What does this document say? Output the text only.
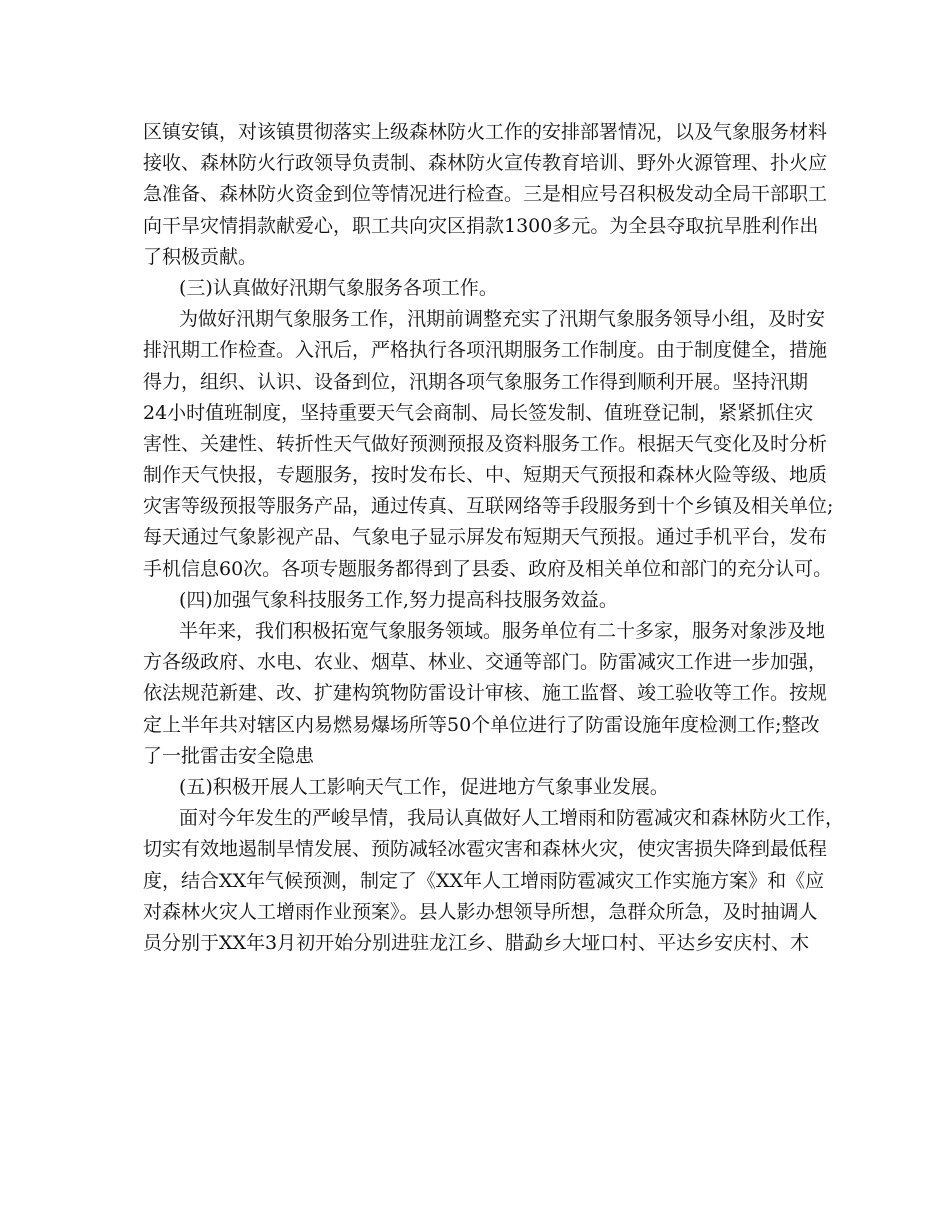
区镇安镇，对该镇贯彻落实上级森林防火工作的安排部署情况，以及气象服务材料
接收、森林防火行政领导负责制、森林防火宣传教育培训、野外火源管理、扑火应
急准备、森林防火资金到位等情况进行检查。三是相应号召积极发动全局干部职工
向干旱灾情捐款献爱心，职工共向灾区捐款1300多元。为全县夺取抗旱胜利作出
了积极贡献。
(三)认真做好汛期气象服务各项工作。
为做好汛期气象服务工作，汛期前调整充实了汛期气象服务领导小组，及时安
排汛期工作检查。入汛后，严格执行各项汛期服务工作制度。由于制度健全，措施
得力，组织、认识、设备到位，汛期各项气象服务工作得到顺利开展。坚持汛期
24小时值班制度，坚持重要天气会商制、局长签发制、值班登记制，紧紧抓住灾
害性、关建性、转折性天气做好预测预报及资料服务工作。根据天气变化及时分析
制作天气快报，专题服务，按时发布长、中、短期天气预报和森林火险等级、地质
灾害等级预报等服务产品，通过传真、互联网络等手段服务到十个乡镇及相关单位;
每天通过气象影视产品、气象电子显示屏发布短期天气预报。通过手机平台，发布
手机信息60次。各项专题服务都得到了县委、政府及相关单位和部门的充分认可。
(四)加强气象科技服务工作,努力提高科技服务效益。
半年来，我们积极拓宽气象服务领域。服务单位有二十多家，服务对象涉及地
方各级政府、水电、农业、烟草、林业、交通等部门。防雷减灾工作进一步加强，
依法规范新建、改、扩建构筑物防雷设计审核、施工监督、竣工验收等工作。按规
定上半年共对辖区内易燃易爆场所等50个单位进行了防雷设施年度检测工作;整改
了一批雷击安全隐患
(五)积极开展人工影响天气工作，促进地方气象事业发展。
面对今年发生的严峻旱情，我局认真做好人工增雨和防雹减灾和森林防火工作，
切实有效地遏制旱情发展、预防减轻冰雹灾害和森林火灾，使灾害损失降到最低程
度，结合XX年气候预测，制定了《XX年人工增雨防雹减灾工作实施方案》和《应
对森林火灾人工增雨作业预案》。县人影办想领导所想，急群众所急，及时抽调人
员分别于XX年3月初开始分别进驻龙江乡、腊勐乡大垭口村、平达乡安庆村、木
